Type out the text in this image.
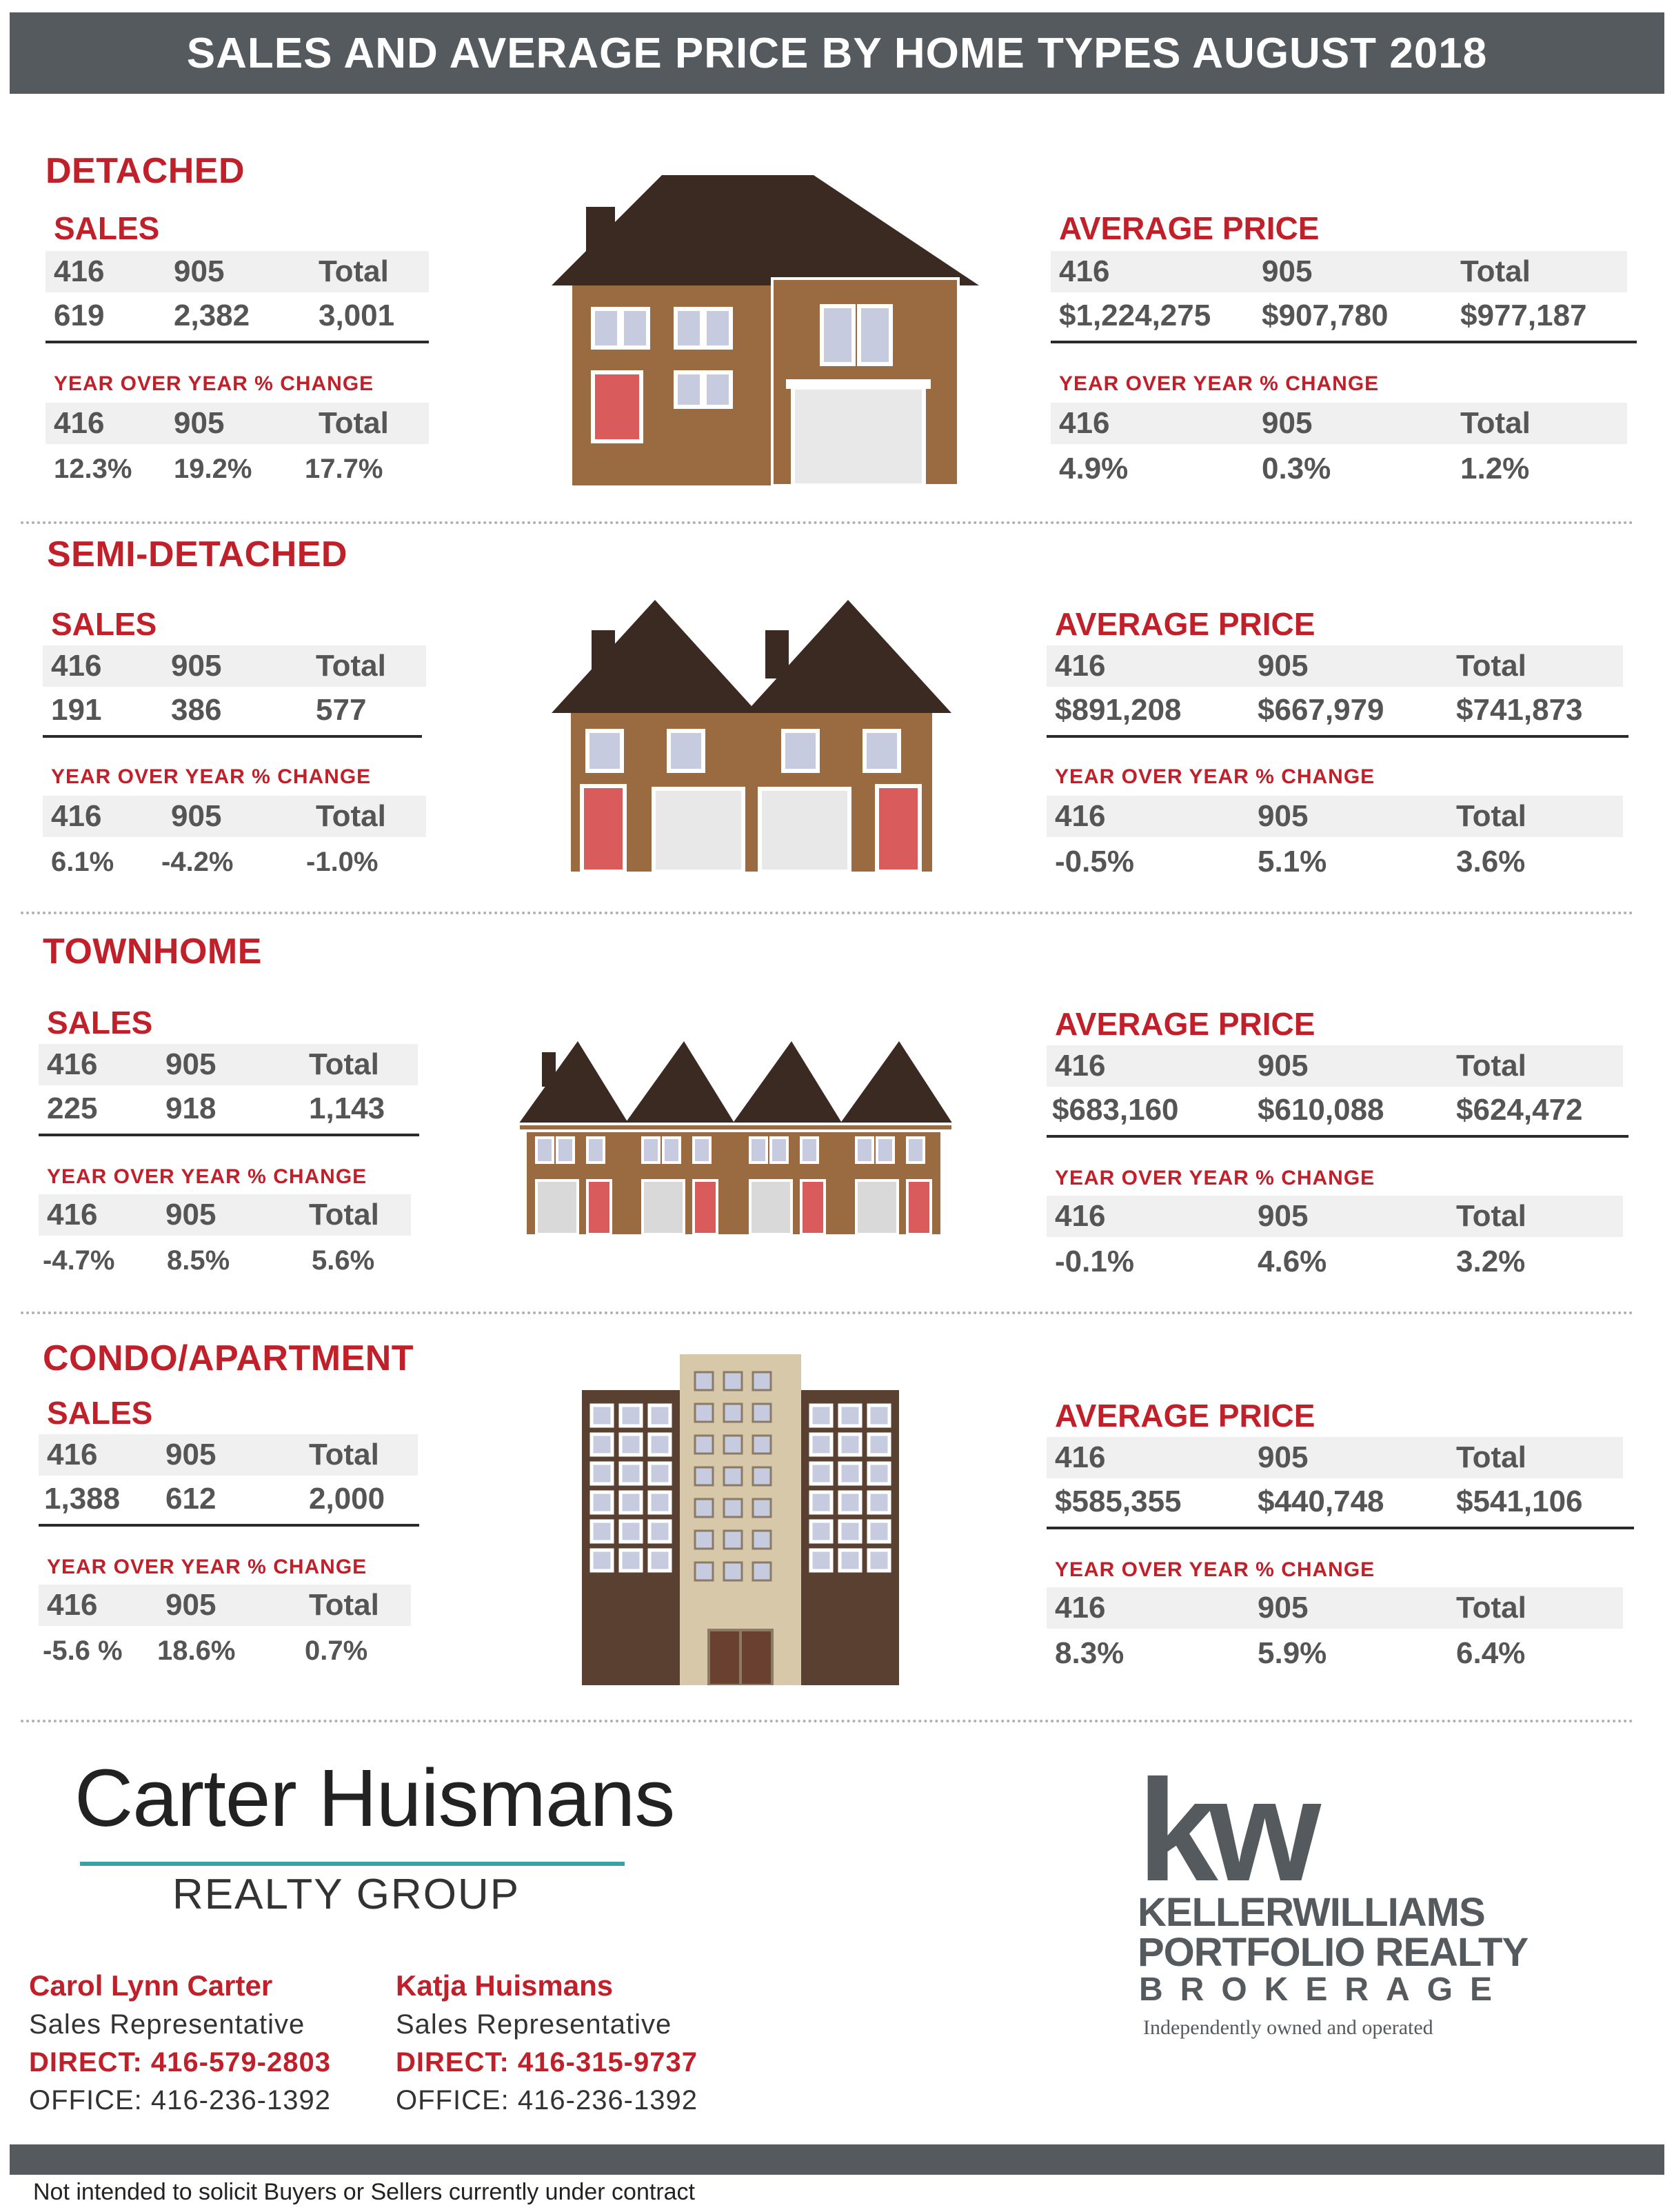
SALES AND AVERAGE PRICE BY HOME TYPES AUGUST 2018
DETACHED
SALES
416 905	Total
619 2,382 3,001
YEAR OVER YEAR % CHANGE
416 905	Total
12.3% 19.2% 17.7%
AVERAGE PRICE
416	905	Total
$1,224,275 $907,780 $977,187
YEAR OVER YEAR % CHANGE
416	905	Total
4.9%	0.3%	1.2%
SEMI-DETACHED
SALES
416 905	Total
191 386	577
YEAR OVER YEAR % CHANGE
416 905	Total
6.1% -4.2%	-1.0%
AVERAGE PRICE
416	905	Total
$891,208	$667,979 $741,873
YEAR OVER YEAR % CHANGE
416	905	Total
-0.5%	5.1%	3.6%
TOWNHOME
SALES
416 905	Total
225 918	1,143
YEAR OVER YEAR % CHANGE
416 905	Total
-4.7% 8.5%	5.6%
AVERAGE PRICE
416	905	Total
$683,160	$610,088 $624,472
YEAR OVER YEAR % CHANGE
416	905	Total
-0.1%	4.6%	3.2%
CONDO/APARTMENT
SALES
416 905	Total
1,388 612	2,000
YEAR OVER YEAR % CHANGE
416 905	Total
-5.6 % 18.6%	0.7%
AVERAGE PRICE
416	905	Total
$585,355	$440,748 $541,106
YEAR OVER YEAR % CHANGE
416	905	Total
8.3%	5.9%	6.4%
Carter Huismans
REALTY GROUP
Carol Lynn Carter
Sales Representative
DIRECT: 416-579-2803
OFFICE: 416-236-1392
Katja Huismans
Sales Representative
DIRECT: 416-315-9737
OFFICE: 416-236-1392
kw
KELLERWILLIAMS
PORTFOLIO REALTY
BROKERAGE
Independently owned and operated
Not intended to solicit Buyers or Sellers currently under contract
